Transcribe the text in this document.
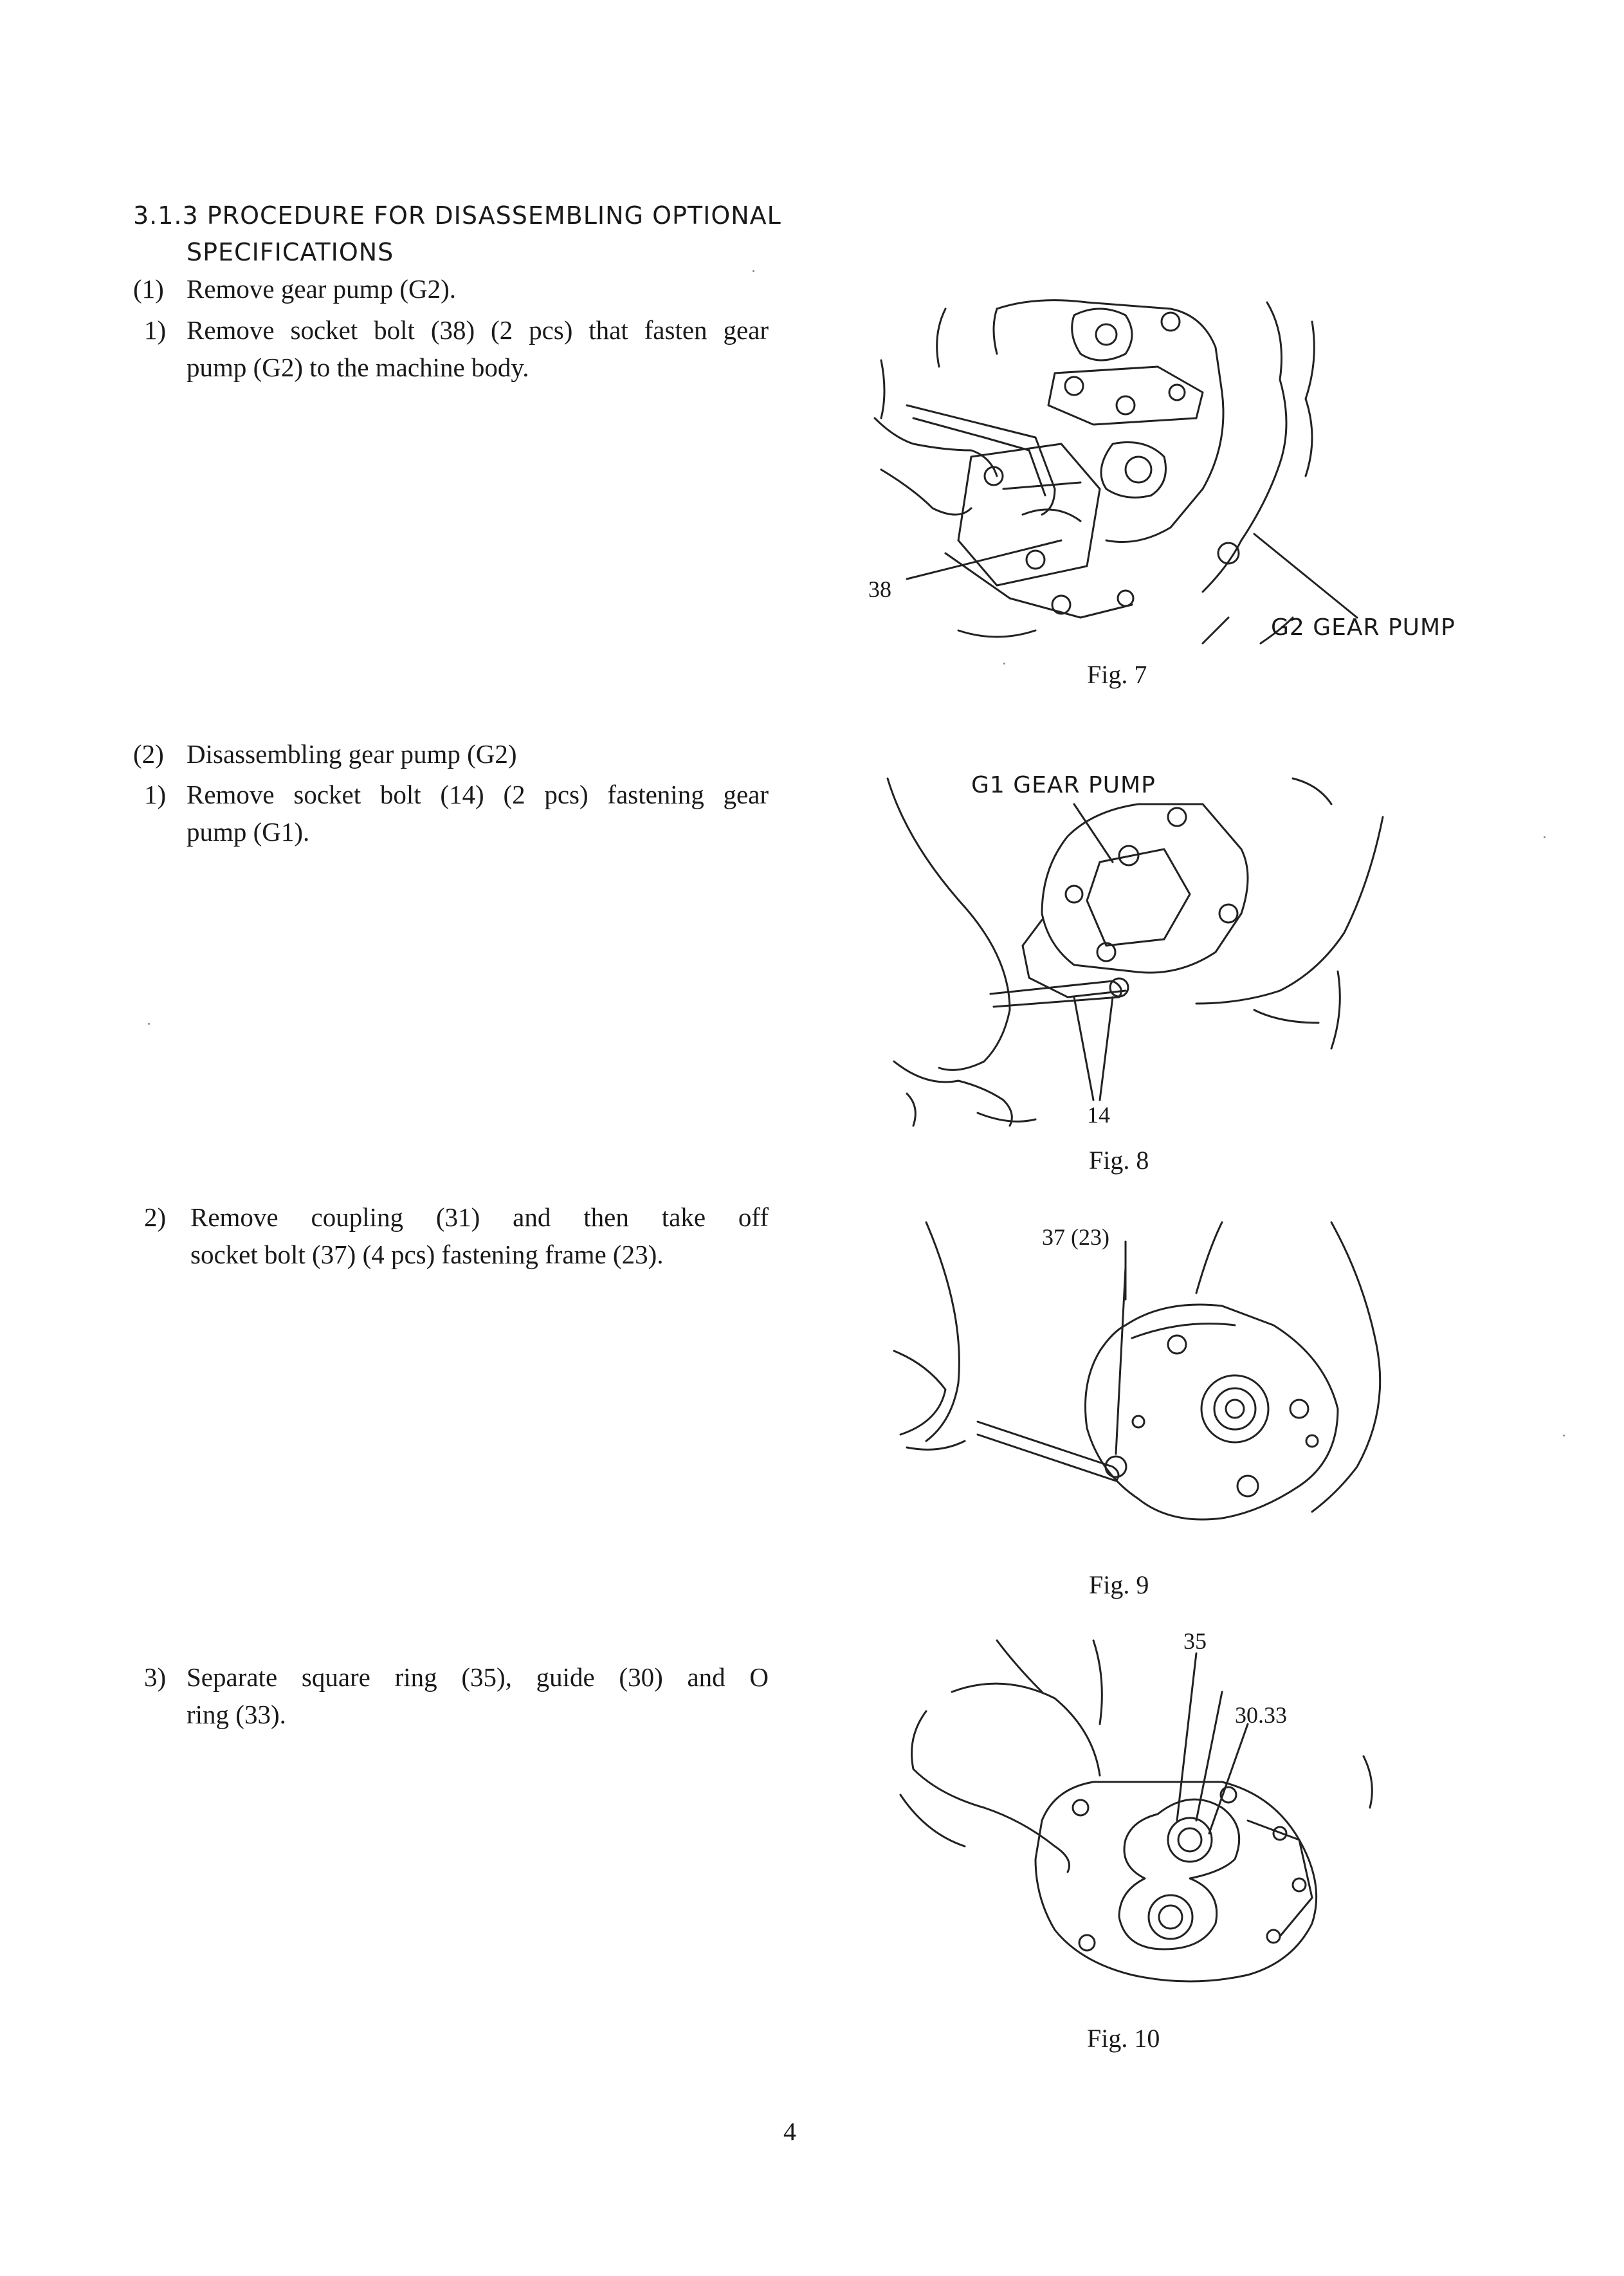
3.1.3 PROCEDURE FOR DISASSEMBLING OPTIONAL
SPECIFICATIONS
(1) Remove gear pump (G2).
1) Remove socket bolt (38) (2 pcs) that fasten gear
pump (G2) to the machine body.
(2) Disassembling gear pump (G2)
1) Remove socket bolt (14) (2 pcs) fastening gear
pump (G1).
2) Remove coupling (31) and then take off
socket bolt (37) (4 pcs) fastening frame (23).
3) Separate square ring (35), guide (30) and O
ring (33).
38
G2 GEAR PUMP
Fig. 7
G1 GEAR PUMP
14
Fig. 8
37 (23)
Fig. 9
35
30.33
Fig. 10
4
